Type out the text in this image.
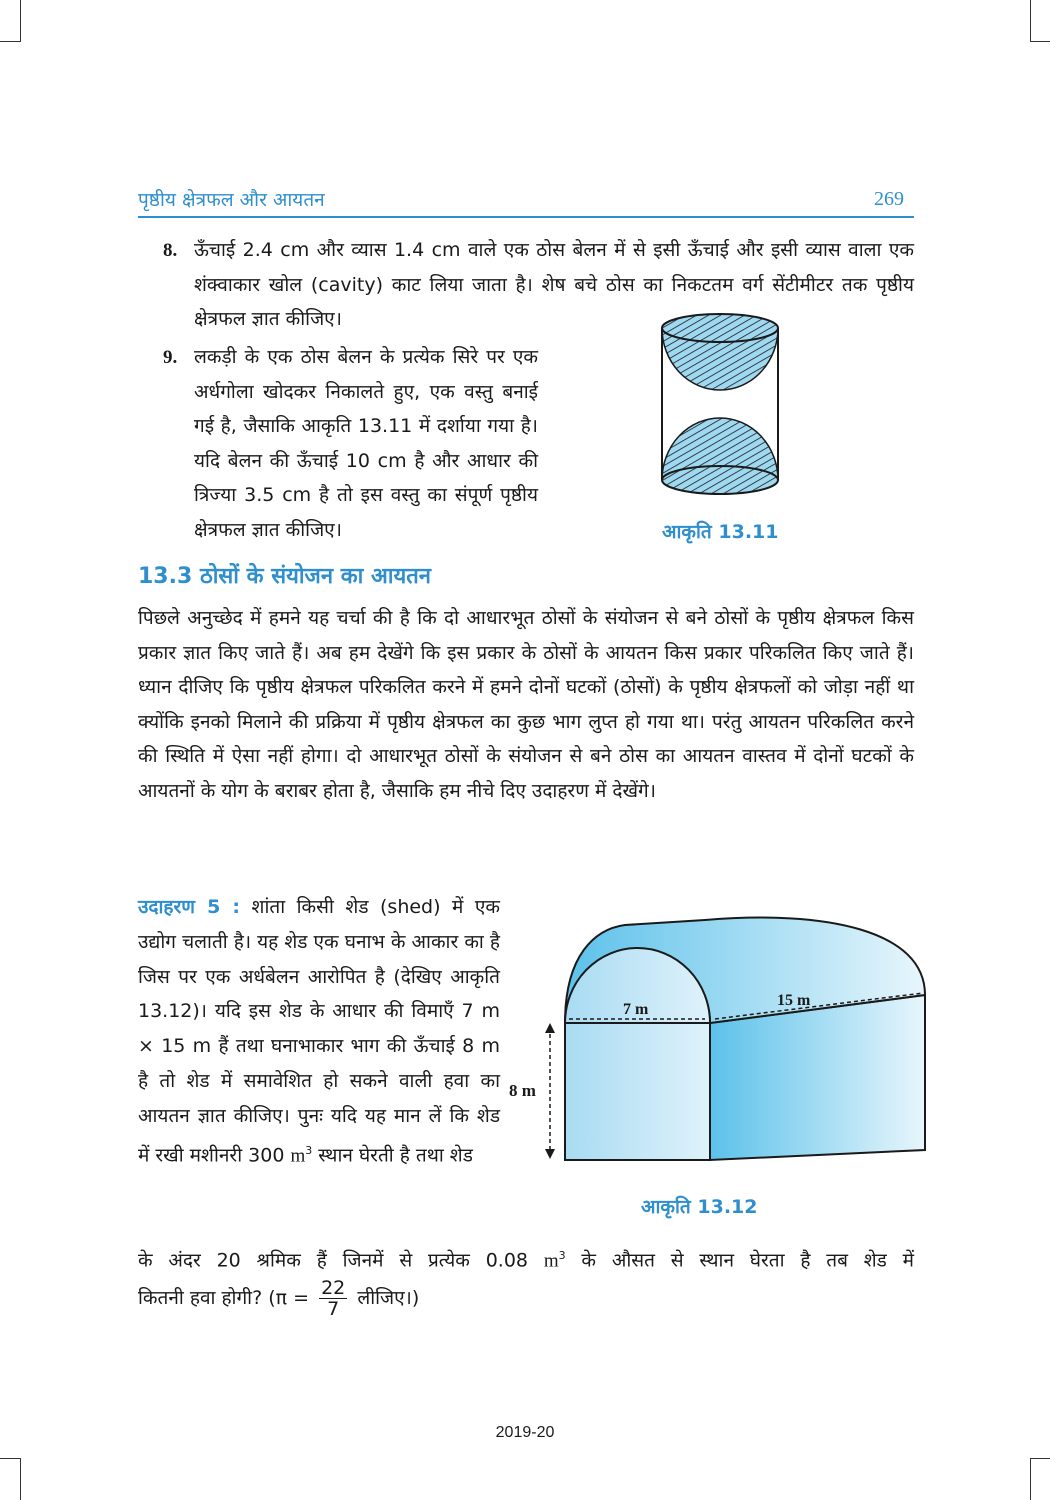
पृष्ठीय क्षेत्रफल और आयतन	269
8. ऊँचाई 2.4 cm और व्यास 1.4 cm वाले एक ठोस बेलन में से इसी ऊँचाई और इसी व्यास वाला एक शंक्वाकार खोल (cavity) काट लिया जाता है। शेष बचे ठोस का निकटतम वर्ग सेंटीमीटर तक पृष्ठीय क्षेत्रफल ज्ञात कीजिए।
9. लकड़ी के एक ठोस बेलन के प्रत्येक सिरे पर एक अर्धगोला खोदकर निकालते हुए, एक वस्तु बनाई गई है, जैसाकि आकृति 13.11 में दर्शाया गया है। यदि बेलन की ऊँचाई 10 cm है और आधार की त्रिज्या 3.5 cm है तो इस वस्तु का संपूर्ण पृष्ठीय क्षेत्रफल ज्ञात कीजिए।	आकृति 13.11
13.3 ठोसों के संयोजन का आयतन
पिछले अनुच्छेद में हमने यह चर्चा की है कि दो आधारभूत ठोसों के संयोजन से बने ठोसों के पृष्ठीय क्षेत्रफल किस प्रकार ज्ञात किए जाते हैं। अब हम देखेंगे कि इस प्रकार के ठोसों के आयतन किस प्रकार परिकलित किए जाते हैं। ध्यान दीजिए कि पृष्ठीय क्षेत्रफल परिकलित करने में हमने दोनों घटकों (ठोसों) के पृष्ठीय क्षेत्रफलों को जोड़ा नहीं था क्योंकि इनको मिलाने की प्रक्रिया में पृष्ठीय क्षेत्रफल का कुछ भाग लुप्त हो गया था। परंतु आयतन परिकलित करने की स्थिति में ऐसा नहीं होगा। दो आधारभूत ठोसों के संयोजन से बने ठोस का आयतन वास्तव में दोनों घटकों के आयतनों के योग के बराबर होता है, जैसाकि हम नीचे दिए उदाहरण में देखेंगे।
उदाहरण 5 : शांता किसी शेड (shed) में एक उद्योग चलाती है। यह शेड एक घनाभ के आकार का है जिस पर एक अर्धबेलन आरोपित है (देखिए आकृति 13.12)। यदि इस शेड के आधार की विमाएँ 7 m × 15 m हैं तथा घनाभाकार भाग की ऊँचाई 8 m है तो शेड में समावेशित हो सकने वाली हवा का आयतन ज्ञात कीजिए। पुनः यदि यह मान लें कि शेड में रखी मशीनरी 300 $m^3$ स्थान घेरती है तथा शेड
के अंदर 20 श्रमिक हैं जिनमें से प्रत्येक 0.08 $m^3$ के औसत से स्थान घेरता है तब शेड में
कितनी हवा होगी? ($\pi = \frac{22}{7}$ लीजिए।)
7 m
15 m
8 m
आकृति 13.12
2019-20
